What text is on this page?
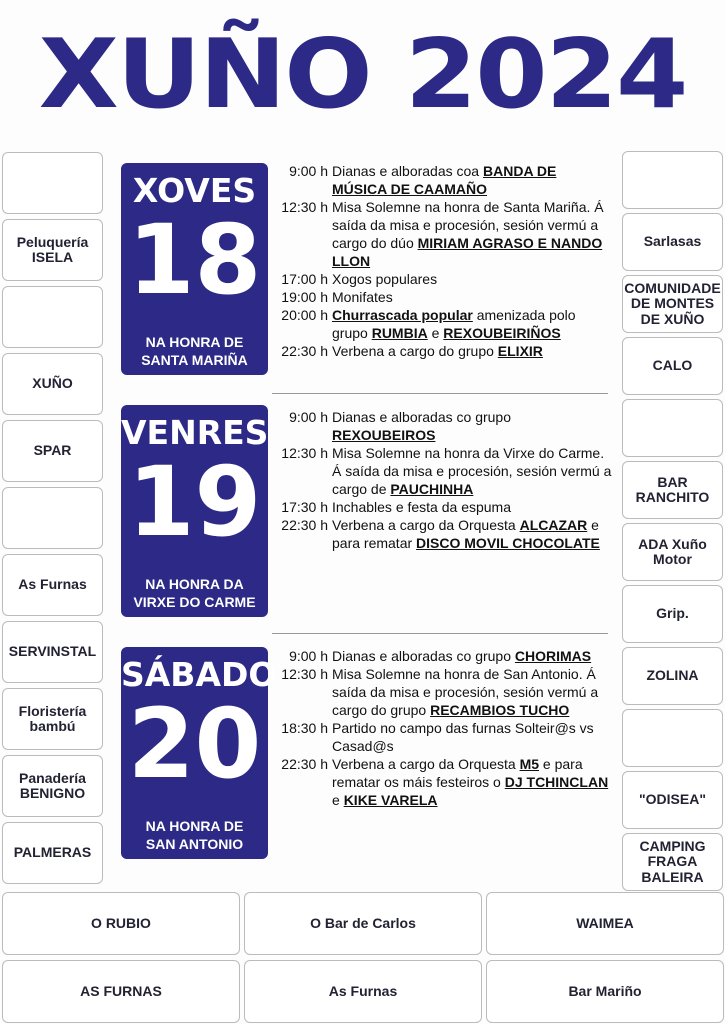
XUÑO 2024
Peluquería ISELA
XUÑO
SPAR
As Furnas
SERVINSTAL
Floristería bambú
Panadería BENIGNO
PALMERAS
Sarlasas
COMUNIDADE DE MONTES DE XUÑO
CALO
BAR RANCHITO
ADA Xuño Motor
Grip.
ZOLINA
"ODISEA"
CAMPING FRAGA BALEIRA
O RUBIO	O Bar de Carlos	WAIMEA
AS FURNAS	As Furnas	Bar Mariño
XOVES
18
NA HONRA DE
SANTA MARIÑA
VENRES
19
NA HONRA DA
VIRXE DO CARME
SÁBADO
20
NA HONRA DE
SAN ANTONIO
9:00 h Dianas e alboradas coa BANDA DE MÚSICA DE CAAMAÑO
12:30 h Misa Solemne na honra de Santa Mariña. Á saída da misa e procesión, sesión vermú a cargo do dúo MIRIAM AGRASO E NANDO LLON
17:00 h Xogos populares
19:00 h Monifates
20:00 h Churrascada popular amenizada polo grupo RUMBIA e REXOUBEIRIÑOS
22:30 h Verbena a cargo do grupo ELIXIR
9:00 h Dianas e alboradas co grupo REXOUBEIROS
12:30 h Misa Solemne na honra da Virxe do Carme. Á saída da misa e procesión, sesión vermú a cargo de PAUCHINHA
17:30 h Inchables e festa da espuma
22:30 h Verbena a cargo da Orquesta ALCAZAR e para rematar DISCO MOVIL CHOCOLATE
9:00 h Dianas e alboradas co grupo CHORIMAS
12:30 h Misa Solemne na honra de San Antonio. Á saída da misa e procesión, sesión vermú a cargo do grupo RECAMBIOS TUCHO
18:30 h Partido no campo das furnas Solteir@s vs Casad@s
22:30 h Verbena a cargo da Orquesta M5 e para rematar os máis festeiros o DJ TCHINCLAN e KIKE VARELA
